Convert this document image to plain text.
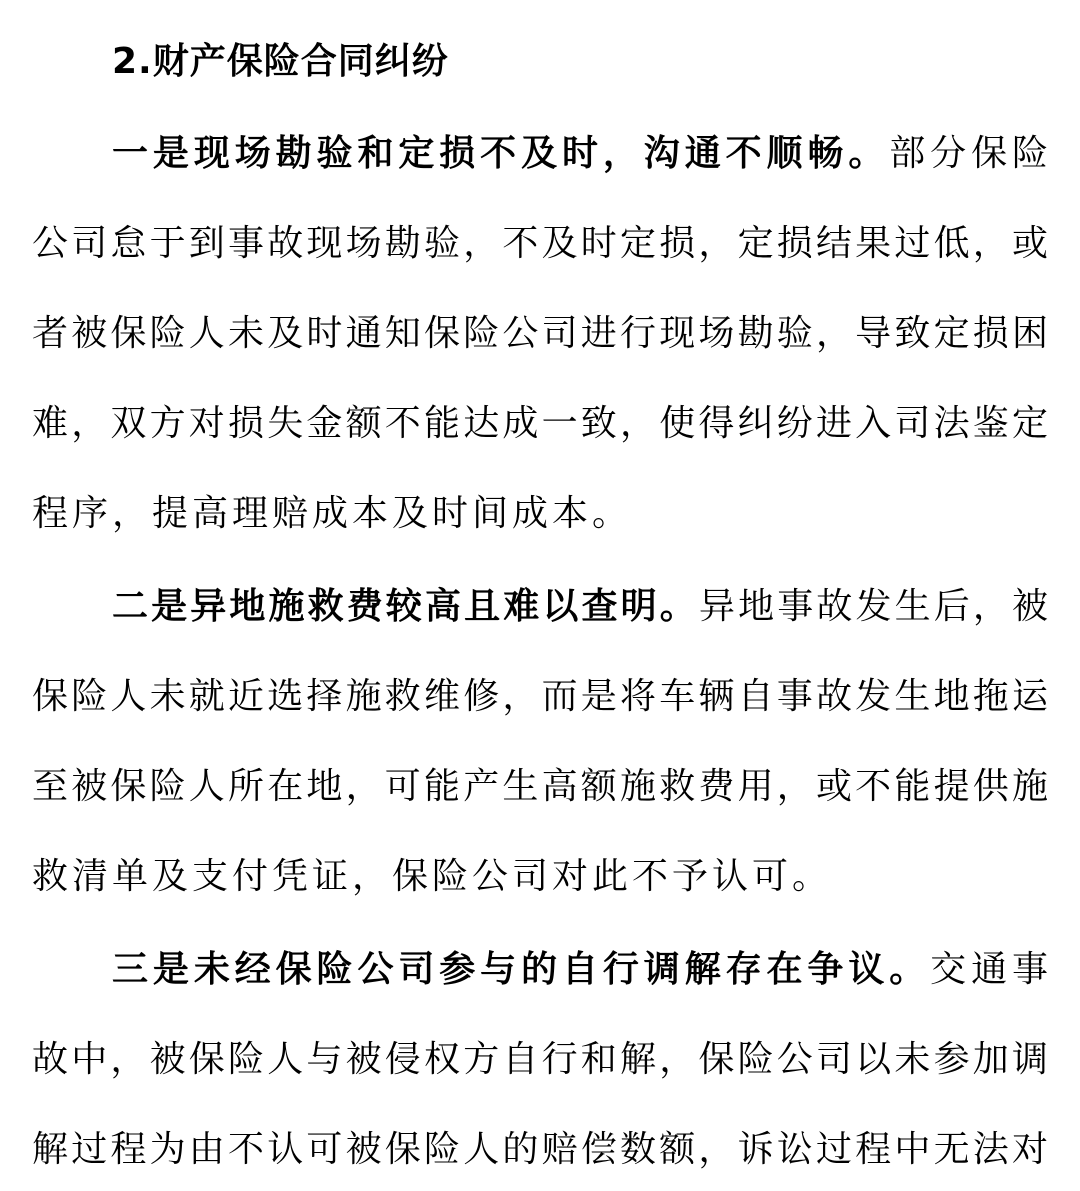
2.财产保险合同纠纷
一是现场勘验和定损不及时，沟通不顺畅。部分保险
公司怠于到事故现场勘验，不及时定损，定损结果过低，或
者被保险人未及时通知保险公司进行现场勘验，导致定损困
难，双方对损失金额不能达成一致，使得纠纷进入司法鉴定
程序，提高理赔成本及时间成本。
二是异地施救费较高且难以查明。异地事故发生后，被
保险人未就近选择施救维修，而是将车辆自事故发生地拖运
至被保险人所在地，可能产生高额施救费用，或不能提供施
救清单及支付凭证，保险公司对此不予认可。
三是未经保险公司参与的自行调解存在争议。交通事
故中，被保险人与被侵权方自行和解，保险公司以未参加调
解过程为由不认可被保险人的赔偿数额，诉讼过程中无法对
